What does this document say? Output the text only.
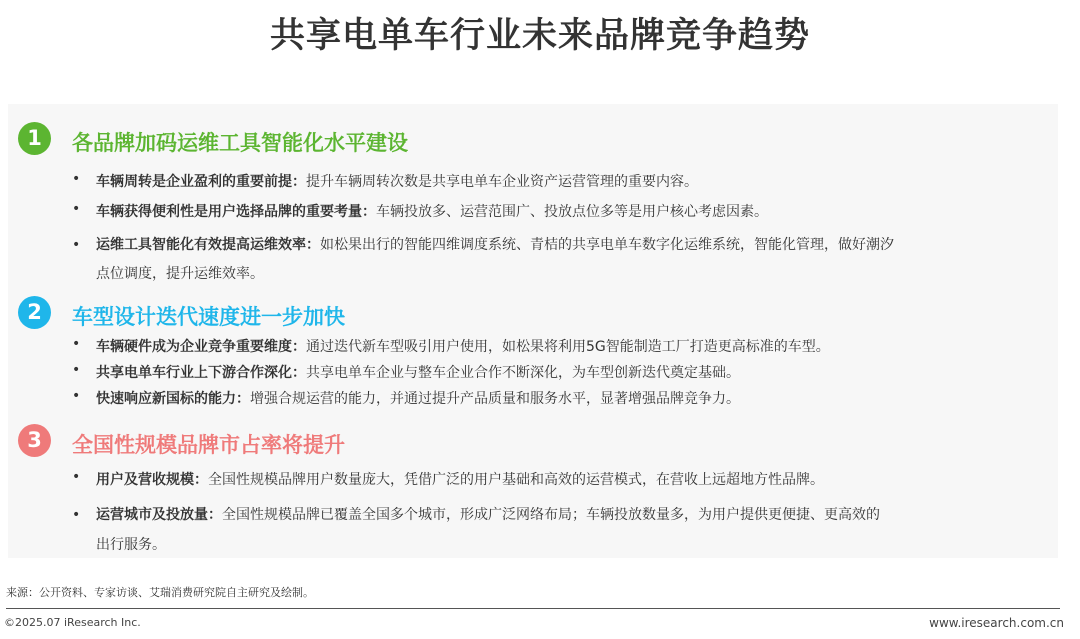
共享电单车行业未来品牌竞争趋势
1	各品牌加码运维工具智能化水平建设
• 车辆周转是企业盈利的重要前提：提升车辆周转次数是共享电单车企业资产运营管理的重要内容。
• 车辆获得便利性是用户选择品牌的重要考量：车辆投放多、运营范围广、投放点位多等是用户核心考虑因素。
• 运维工具智能化有效提高运维效率：如松果出行的智能四维调度系统、青桔的共享电单车数字化运维系统，智能化管理，做好潮汐
点位调度，提升运维效率。
2	车型设计迭代速度进一步加快
• 车辆硬件成为企业竞争重要维度：通过迭代新车型吸引用户使用，如松果将利用5G智能制造工厂打造更高标准的车型。
• 共享电单车行业上下游合作深化：共享电单车企业与整车企业合作不断深化，为车型创新迭代奠定基础。
• 快速响应新国标的能力：增强合规运营的能力，并通过提升产品质量和服务水平，显著增强品牌竞争力。
3	全国性规模品牌市占率将提升
• 用户及营收规模：全国性规模品牌用户数量庞大，凭借广泛的用户基础和高效的运营模式，在营收上远超地方性品牌。
• 运营城市及投放量：全国性规模品牌已覆盖全国多个城市，形成广泛网络布局；车辆投放数量多，为用户提供更便捷、更高效的
出行服务。
来源：公开资料、专家访谈、艾瑞消费研究院自主研究及绘制。
©2025.07 iResearch Inc.	www.iresearch.com.cn
